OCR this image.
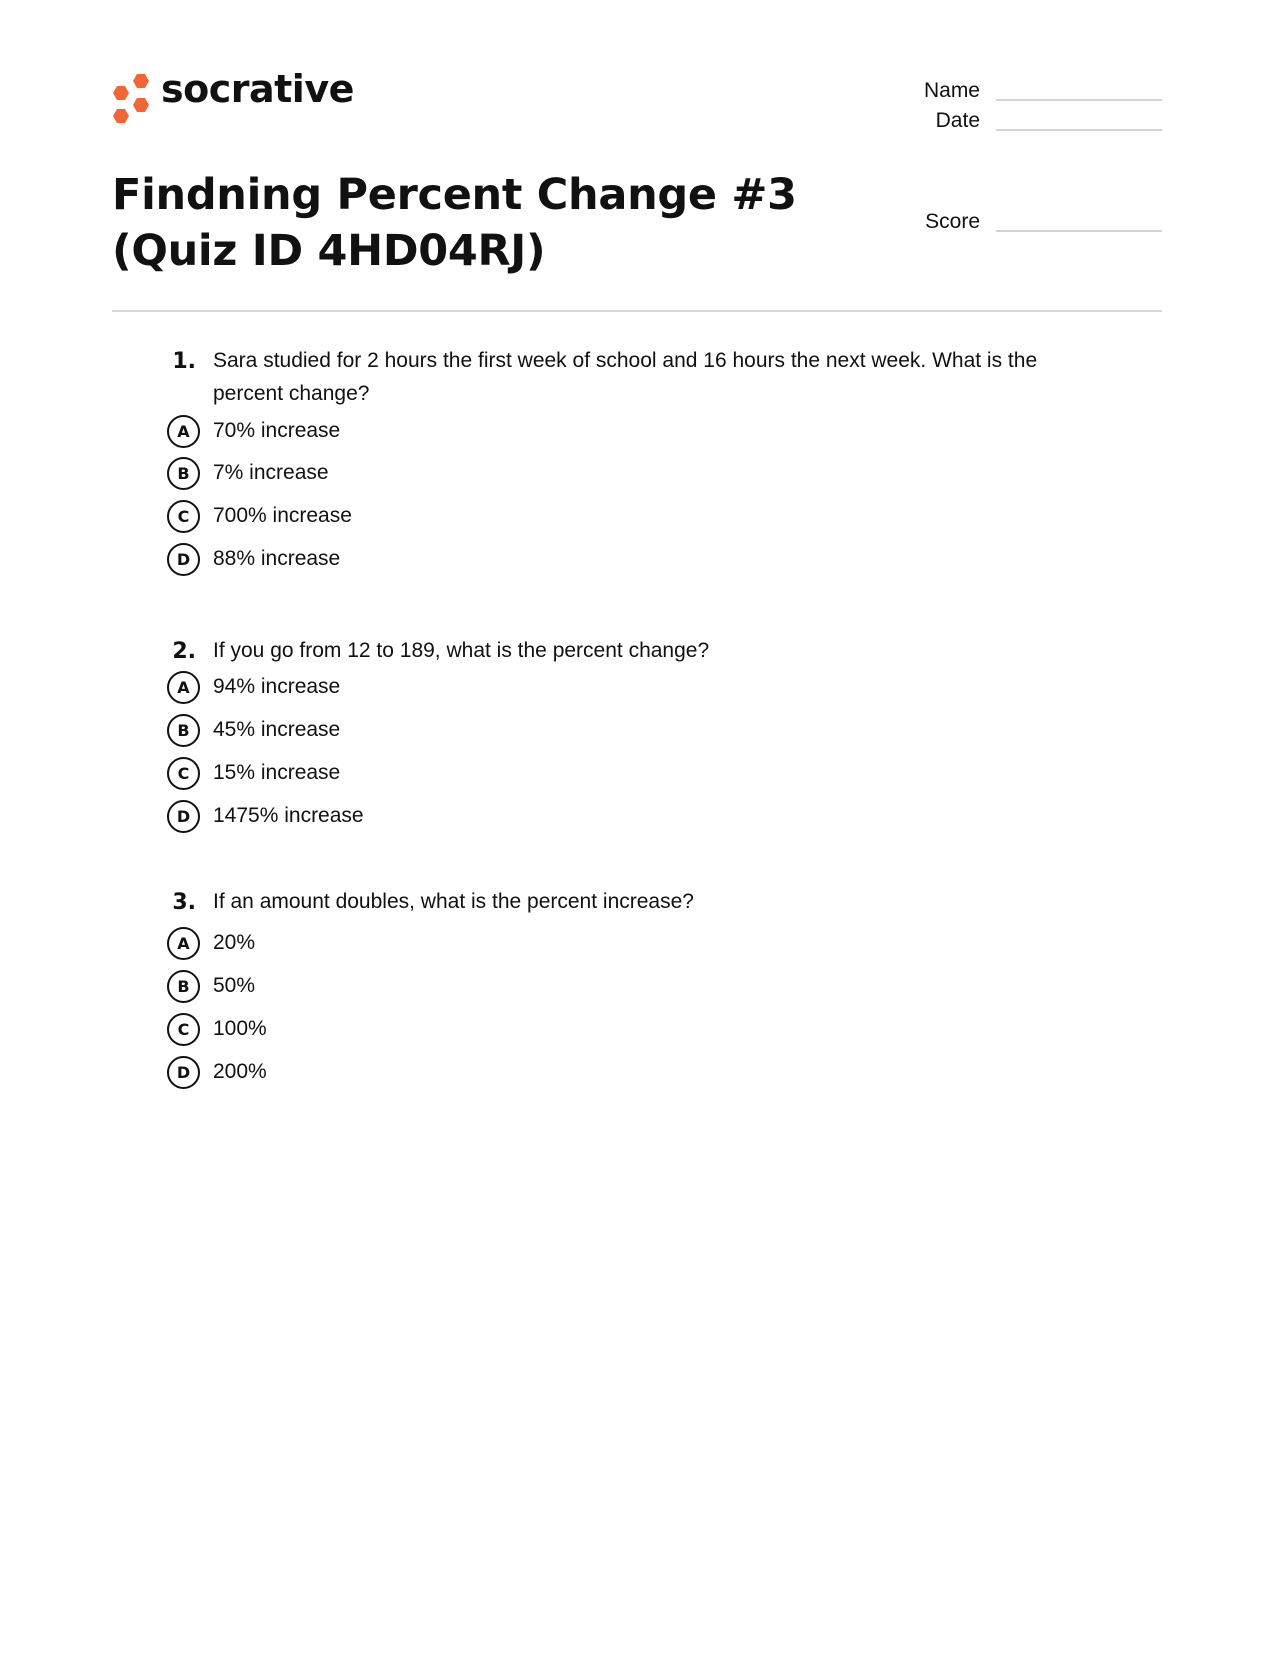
socrative	Name
Date
Score
Findning Percent Change #3
(Quiz ID 4HD04RJ)
1. Sara studied for 2 hours the first week of school and 16 hours the next week. What is the percent change?
A	70% increase
B	7% increase
C	700% increase
D	88% increase
2. If you go from 12 to 189, what is the percent change?
A	94% increase
B	45% increase
C	15% increase
D	1475% increase
3. If an amount doubles, what is the percent increase?
A	20%
B	50%
C	100%
D	200%
